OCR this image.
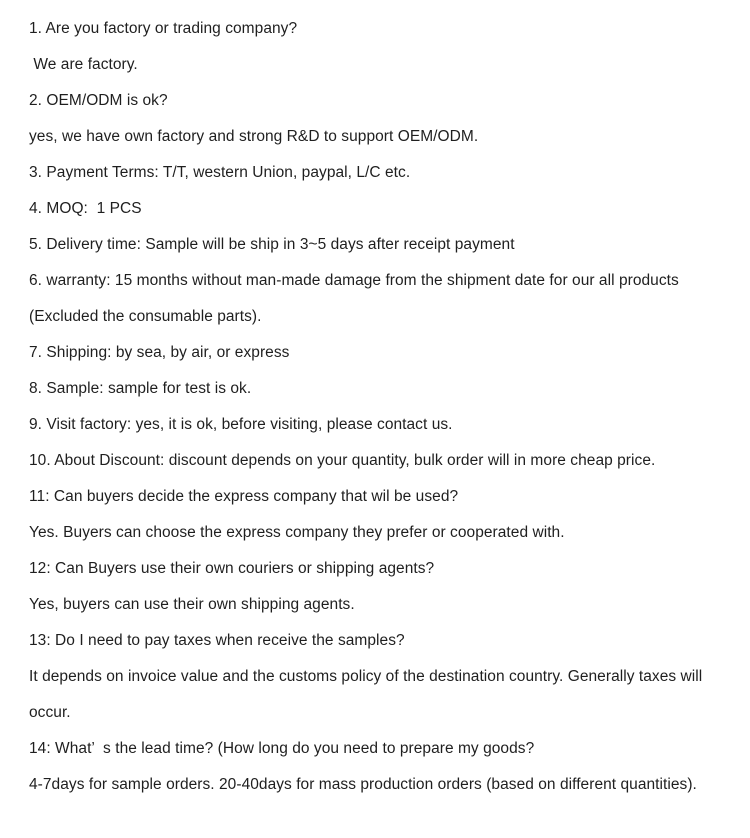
1. Are you factory or trading company?
We are factory.
2. OEM/ODM is ok?
yes, we have own factory and strong R&D to support OEM/ODM.
3. Payment Terms: T/T, western Union, paypal, L/C etc.
4. MOQ:  1 PCS
5. Delivery time: Sample will be ship in 3~5 days after receipt payment
6. warranty: 15 months without man-made damage from the shipment date for our all products
(Excluded the consumable parts).
7. Shipping: by sea, by air, or express
8. Sample: sample for test is ok.
9. Visit factory: yes, it is ok, before visiting, please contact us.
10. About Discount: discount depends on your quantity, bulk order will in more cheap price.
11: Can buyers decide the express company that wil be used?
Yes. Buyers can choose the express company they prefer or cooperated with.
12: Can Buyers use their own couriers or shipping agents?
Yes, buyers can use their own shipping agents.
13: Do I need to pay taxes when receive the samples?
It depends on invoice value and the customs policy of the destination country. Generally taxes will
occur.
14: What’  s the lead time? (How long do you need to prepare my goods?
4-7days for sample orders. 20-40days for mass production orders (based on different quantities).
